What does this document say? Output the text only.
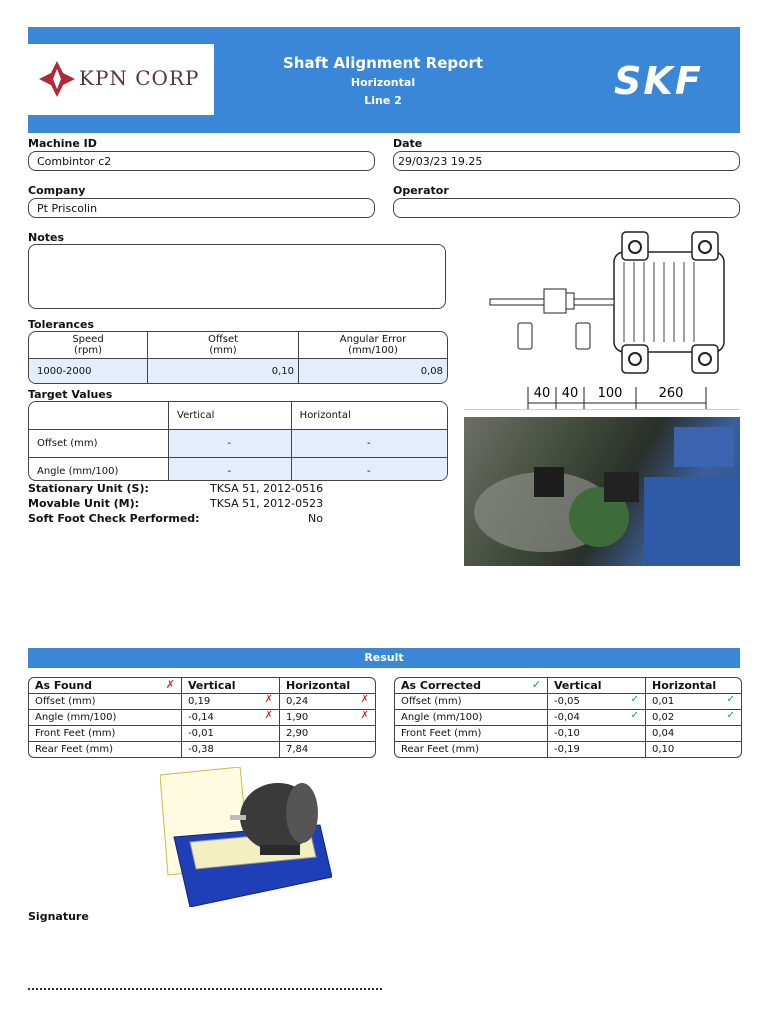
KPN CORP
Shaft Alignment Report
Horizontal
Line 2	SKF
Machine ID
Combintor c2
Date
29/03/23 19.25
Company
Pt Priscolin
Operator
Notes
Tolerances
Speed
(rpm)	Offset
(mm)	Angular Error
(mm/100)
1000-2000	0,10	0,08
Target Values
	Vertical	Horizontal
Offset (mm)	-	-
Angle (mm/100)	-	-
Stationary Unit (S):	TKSA 51, 2012-0516
Movable Unit (M):	TKSA 51, 2012-0523
Soft Foot Check Performed:	No
40 40 100	260
Result
As Found ✗	Vertical	Horizontal
Offset (mm)	0,19 ✗	0,24 ✗

Angle (mm/100)	-0,14 ✗	1,90 ✗

Front Feet (mm)	-0,01	2,90
Rear Feet (mm)	-0,38	7,84
As Corrected ✓	Vertical	Horizontal
Offset (mm)	-0,05 ✓	0,01 ✓

Angle (mm/100)	-0,04 ✓	0,02 ✓

Front Feet (mm)	-0,10	0,04
Rear Feet (mm)	-0,19	0,10
Signature
